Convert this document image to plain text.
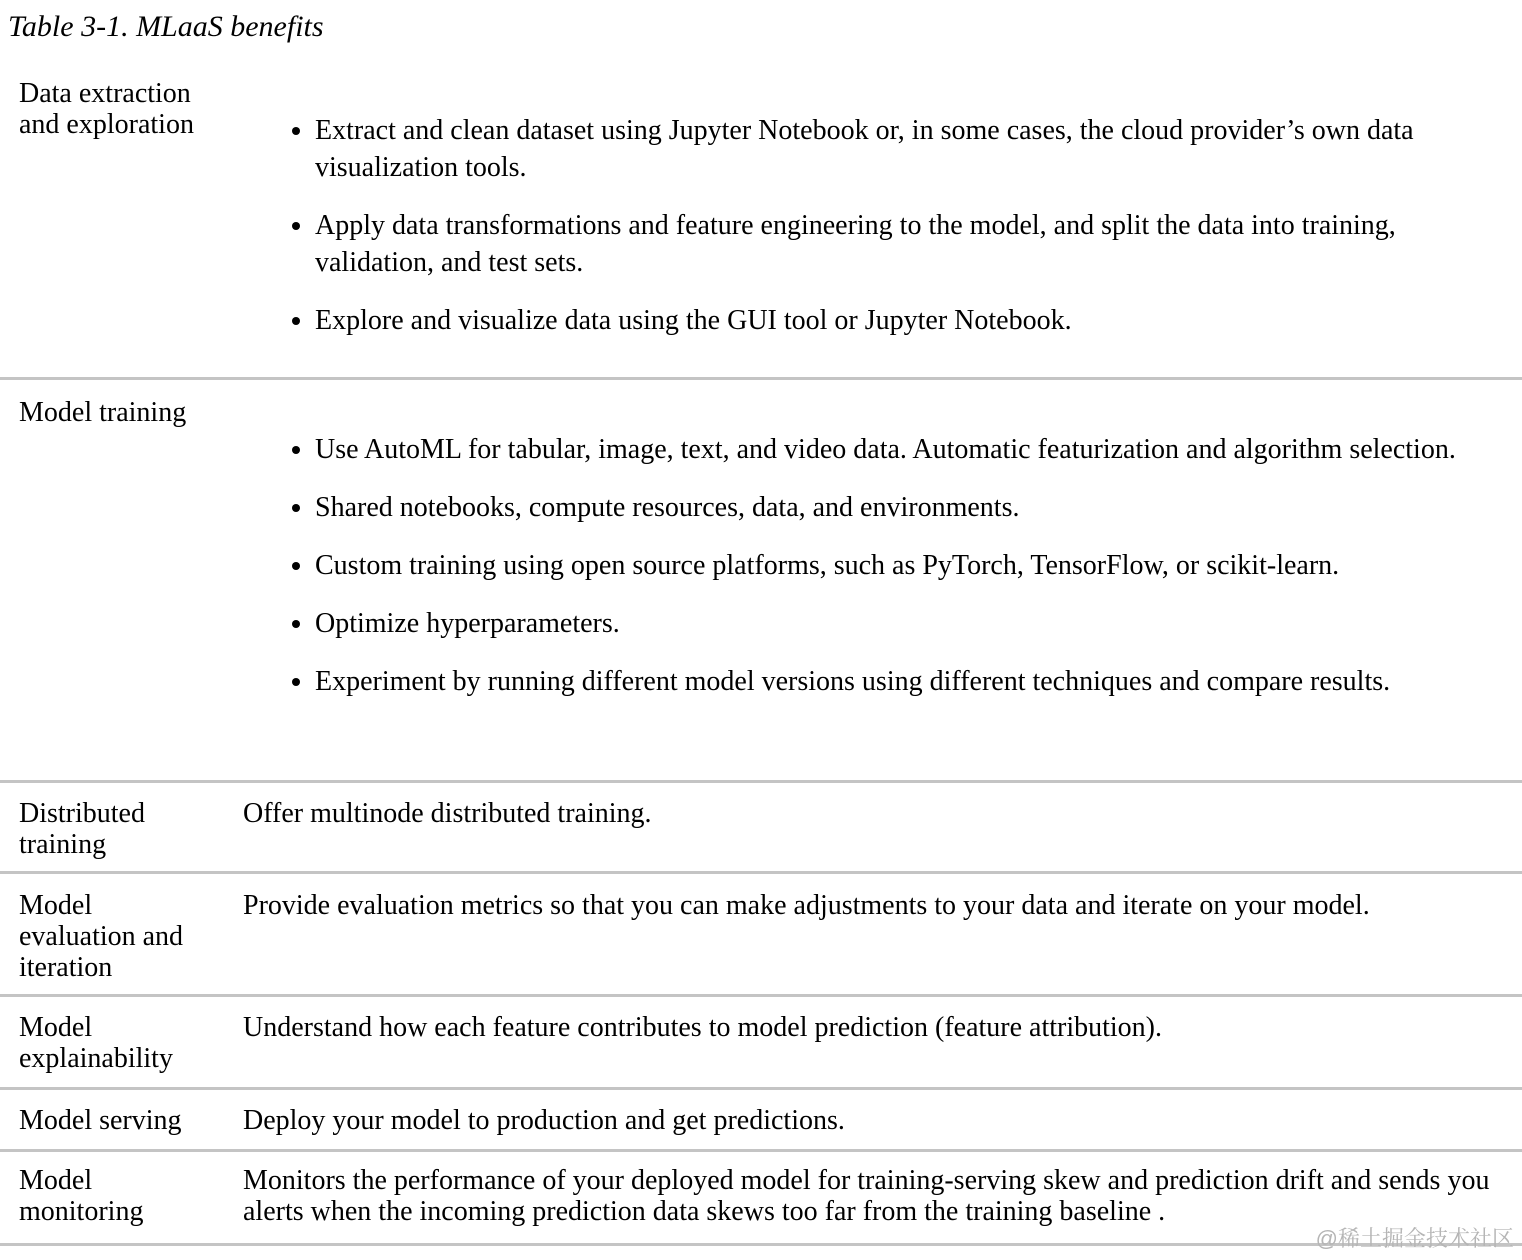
Table 3-1. MLaaS benefits
Data extraction and exploration	• Extract and clean dataset using Jupyter Notebook or, in some cases, the cloud provider’s own data visualization tools.
• Apply data transformations and feature engineering to the model, and split the data into training, validation, and test sets.
• Explore and visualize data using the GUI tool or Jupyter Notebook.
Model training
• Use AutoML for tabular, image, text, and video data. Automatic featurization and algorithm selection.
• Shared notebooks, compute resources, data, and environments.
• Custom training using open source platforms, such as PyTorch, TensorFlow, or scikit-learn.
• Optimize hyperparameters.
• Experiment by running different model versions using different techniques and compare results.
Distributed training
Offer multinode distributed training.
Model evaluation and iteration
Provide evaluation metrics so that you can make adjustments to your data and iterate on your model.
Model explainability
Understand how each feature contributes to model prediction (feature attribution).
Model serving	Deploy your model to production and get predictions.
Model monitoring
Monitors the performance of your deployed model for training-serving skew and prediction drift and sends you alerts when the incoming prediction data skews too far from the training baseline .
@稀土掘金技术社区
